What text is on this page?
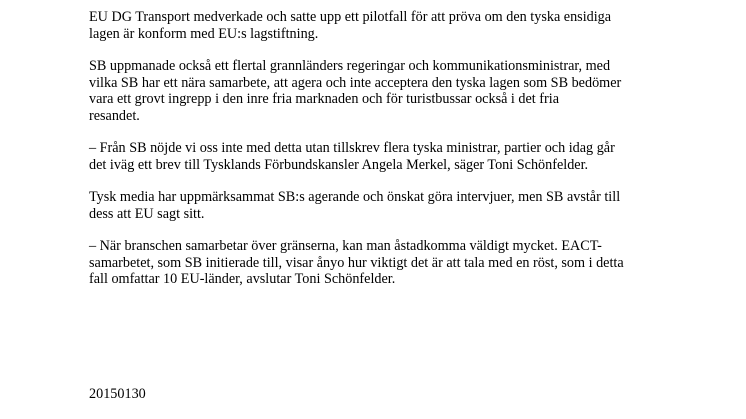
EU DG Transport medverkade och satte upp ett pilotfall för att pröva om den tyska ensidiga
lagen är konform med EU:s lagstiftning.

SB uppmanade också ett flertal grannländers regeringar och kommunikationsministrar, med
vilka SB har ett nära samarbete, att agera och inte acceptera den tyska lagen som SB bedömer
vara ett grovt ingrepp i den inre fria marknaden och för turistbussar också i det fria
resandet.

– Från SB nöjde vi oss inte med detta utan tillskrev flera tyska ministrar, partier och idag går
det iväg ett brev till Tysklands Förbundskansler Angela Merkel, säger Toni Schönfelder.

Tysk media har uppmärksammat SB:s agerande och önskat göra intervjuer, men SB avstår till
dess att EU sagt sitt.

– När branschen samarbetar över gränserna, kan man åstadkomma väldigt mycket. EACT-
samarbetet, som SB initierade till, visar ånyo hur viktigt det är att tala med en röst, som i detta
fall omfattar 10 EU-länder, avslutar Toni Schönfelder.

20150130
